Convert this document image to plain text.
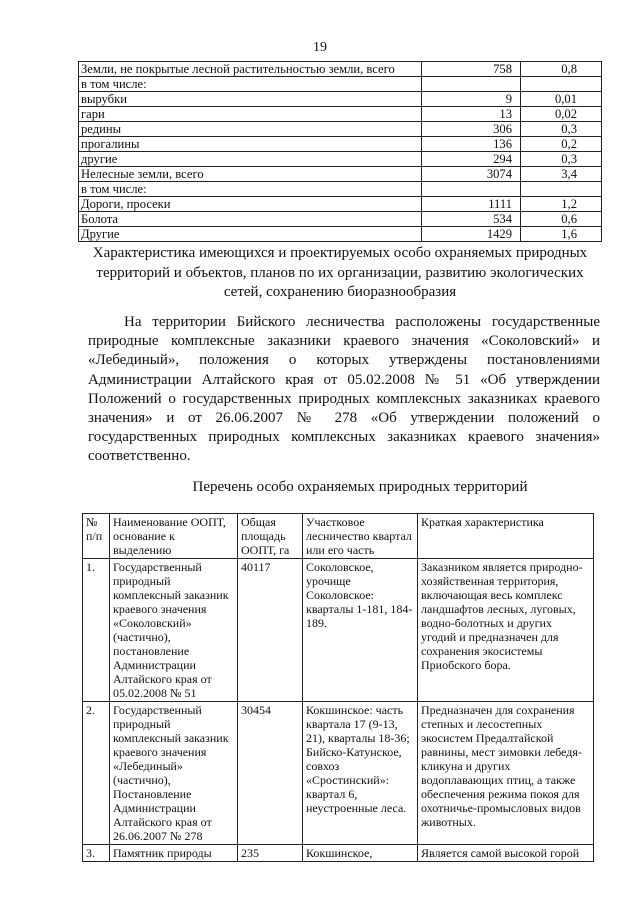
19
Земли, не покрытые лесной растительностью земли, всего	758	0,8
в том числе:		
вырубки	9	0,01
гари	13	0,02
редины	306	0,3
прогалины	136	0,2
другие	294	0,3
Нелесные земли, всего	3074	3,4
в том числе:		
Дороги, просеки	1111	1,2
Болота	534	0,6
Другие	1429	1,6
Характеристика имеющихся и проектируемых особо охраняемых природных территорий и объектов, планов по их организации, развитию экологических сетей, сохранению биоразнообразия

На территории Бийского лесничества расположены государственные природные комплексные заказники краевого значения «Соколовский» и «Лебединый», положения о которых утверждены постановлениями Администрации Алтайского края от 05.02.2008 № 51 «Об утверждении Положений о государственных природных комплексных заказниках краевого значения» и от 26.06.2007 № 278 «Об утверждении положений о государственных природных комплексных заказниках краевого значения» соответственно.

Перечень особо охраняемых природных территорий
№ п/п	Наименование ООПТ, основание к выделению	Общая площадь ООПТ, га	Участковое лесничество квартал или его часть	Краткая характеристика
1.	Государственный природный комплексный заказник краевого значения «Соколовский» (частично), постановление Администрации Алтайского края от 05.02.2008 № 51	40117	Соколовское, урочище Соколовское: кварталы 1-181, 184-189.	Заказником является природно-хозяйственная территория, включающая весь комплекс ландшафтов лесных, луговых, водно-болотных и других угодий и предназначен для сохранения экосистемы Приобского бора.
2.	Государственный природный комплексный заказник краевого значения «Лебединый» (частично), Постановление Администрации Алтайского края от 26.06.2007 № 278	30454	Кокшинское: часть квартала 17 (9-13, 21), кварталы 18-36; Бийско-Катунское, совхоз «Сростинский»: квартал 6, неустроенные леса.	Предназначен для сохранения степных и лесостепных экосистем Предалтайской равнины, мест зимовки лебедя-кликуна и других водоплавающих птиц, а также обеспечения режима покоя для охотничье-промысловых видов животных.
3.	Памятник природы	235	Кокшинское,	Является самой высокой горой
